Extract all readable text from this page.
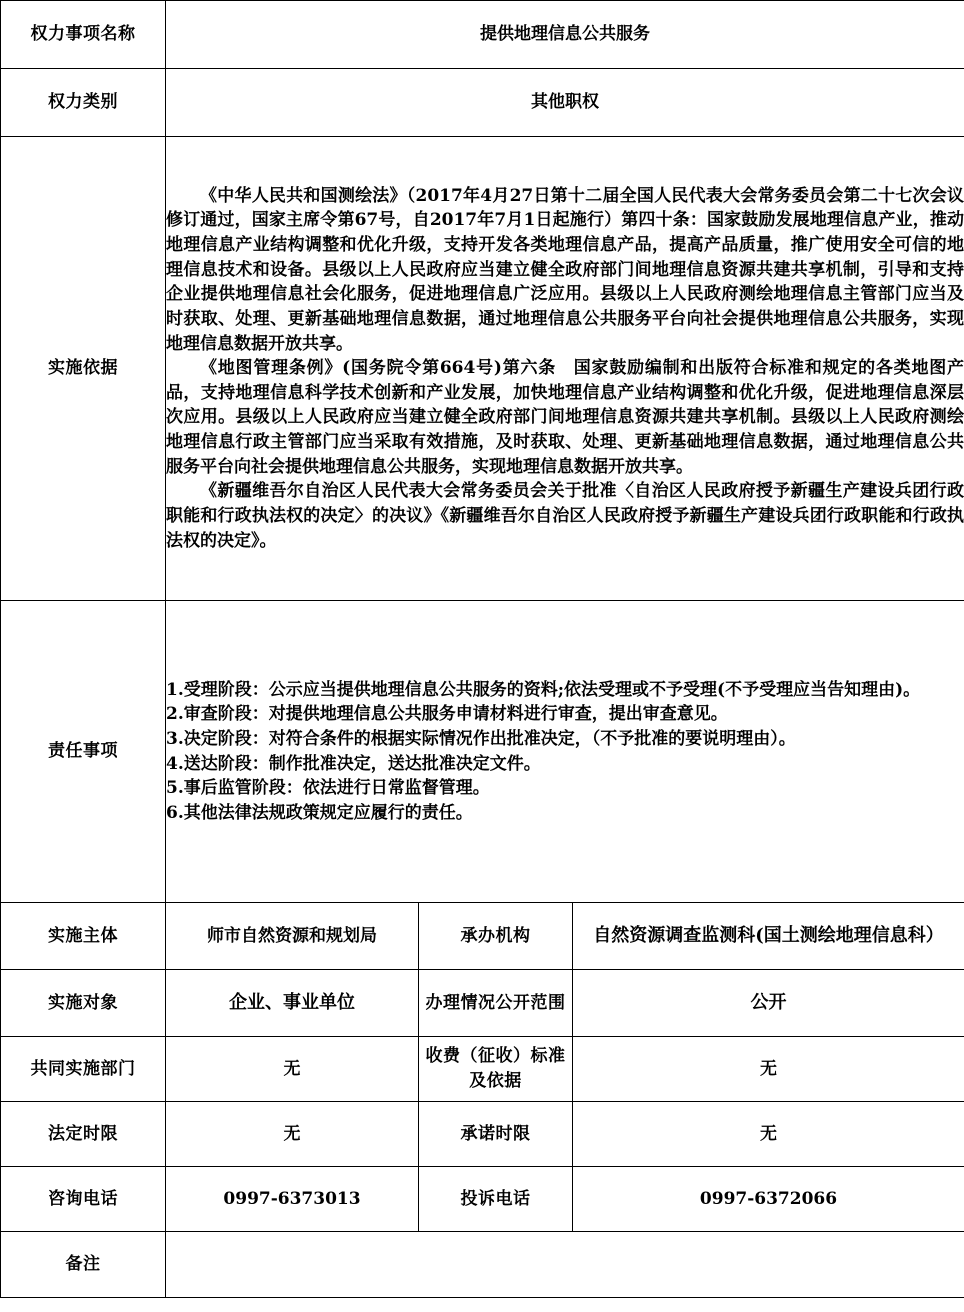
权力事项名称	提供地理信息公共服务		
权力类别	其他职权		
实施依据	《中华人民共和国测绘法》（2017年4月27日第十二届全国人民代表大会常务委员会第二十七次会议修订通过，国家主席令第67号，自2017年7月1日起施行）第四十条：国家鼓励发展地理信息产业，推动地理信息产业结构调整和优化升级，支持开发各类地理信息产品，提高产品质量，推广使用安全可信的地理信息技术和设备。县级以上人民政府应当建立健全政府部门间地理信息资源共建共享机制，引导和支持企业提供地理信息社会化服务，促进地理信息广泛应用。县级以上人民政府测绘地理信息主管部门应当及时获取、处理、更新基础地理信息数据，通过地理信息公共服务平台向社会提供地理信息公共服务，实现地理信息数据开放共享。

《地图管理条例》(国务院令第664号)第六条　国家鼓励编制和出版符合标准和规定的各类地图产品，支持地理信息科学技术创新和产业发展，加快地理信息产业结构调整和优化升级，促进地理信息深层次应用。县级以上人民政府应当建立健全政府部门间地理信息资源共建共享机制。县级以上人民政府测绘地理信息行政主管部门应当采取有效措施，及时获取、处理、更新基础地理信息数据，通过地理信息公共服务平台向社会提供地理信息公共服务，实现地理信息数据开放共享。

《新疆维吾尔自治区人民代表大会常务委员会关于批准〈自治区人民政府授予新疆生产建设兵团行政职能和行政执法权的决定〉的决议》《新疆维吾尔自治区人民政府授予新疆生产建设兵团行政职能和行政执法权的决定》。		

责任事项	

1.受理阶段：公示应当提供地理信息公共服务的资料;依法受理或不予受理(不予受理应当告知理由)。

2.审查阶段：对提供地理信息公共服务申请材料进行审查，提出审查意见。

3.决定阶段：对符合条件的根据实际情况作出批准决定，（不予批准的要说明理由）。

4.送达阶段：制作批准决定，送达批准决定文件。

5.事后监管阶段：依法进行日常监督管理。

6.其他法律法规政策规定应履行的责任。

实施主体	师市自然资源和规划局	承办机构	自然资源调查监测科(国土测绘地理信息科）
实施对象	企业、事业单位	办理情况公开范围	公开
共同实施部门	无	收费（征收）标准及依据	无
法定时限	无	承诺时限	无
咨询电话	0997-6373013	投诉电话	0997-6372066
备注			
